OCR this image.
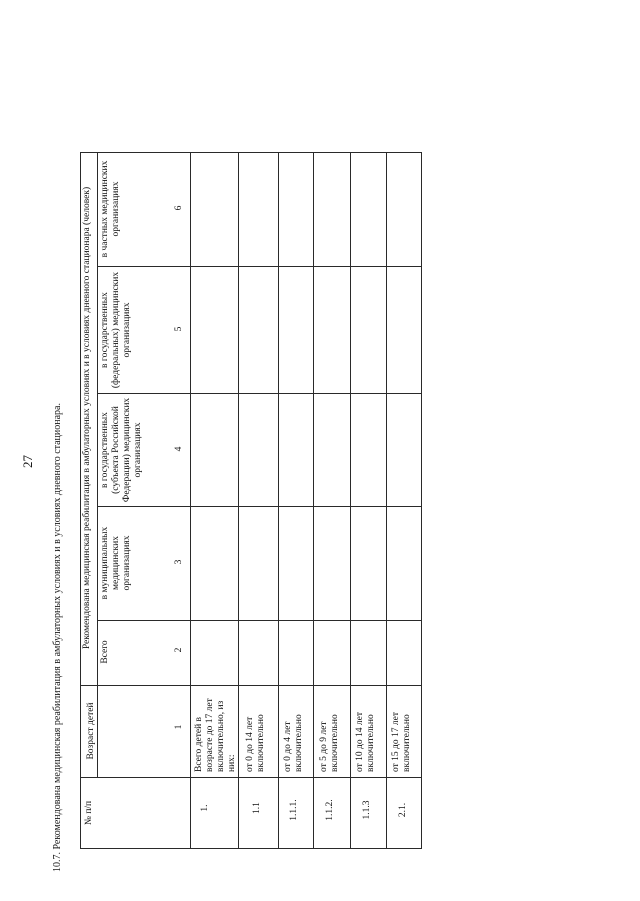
27 10.7. Рекомендована медицинская реабилитация в амбулаторных условиях и в условиях дневного стационара. № п/п
Возраст детей
Рекомендована медицинская реабилитация в амбулаторных условиях и в условиях дневного стационара (человек)
Всего
в муниципальных медицинских организациях
в государственных (субъекта Российской Федерации) медицинских организациях
в государственных (федеральных) медицинских организациях
в частных медицинских организациях
1
2
3
4
5
6
1.
Всего детей в возрасте до 17 лет включительно, из них:
1.1
от 0 до 14 лет включительно
1.1.1.
от 0 до 4 лет включительно
1.1.2.
от 5 до 9 лет включительно
1.1.3
от 10 до 14 лет включительно
2.1.
от 15 до 17 лет включительно
